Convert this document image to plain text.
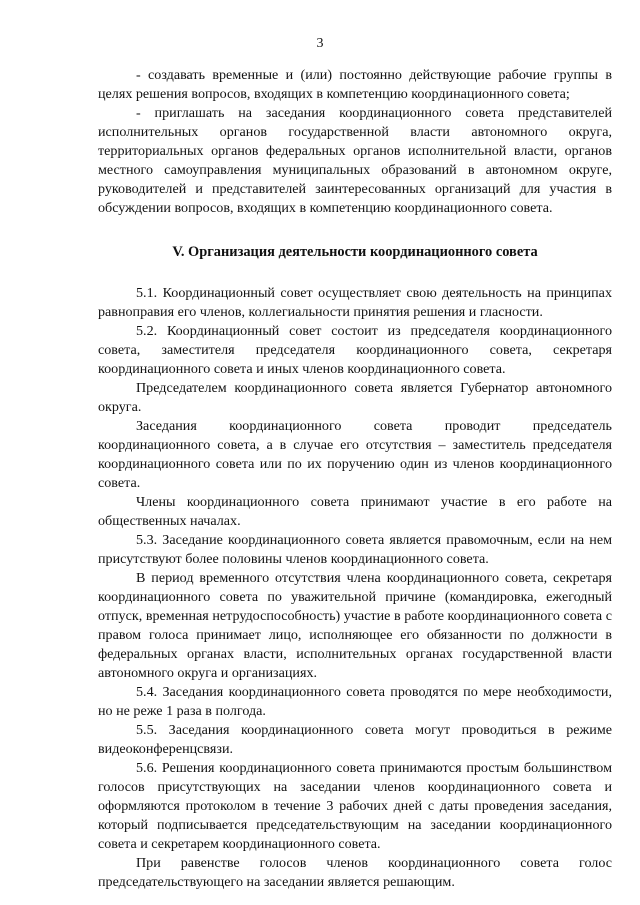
3

- создавать временные и (или) постоянно действующие рабочие группы в целях решения вопросов, входящих в компетенцию координационного совета;

- приглашать на заседания координационного совета представителей исполнительных органов государственной власти автономного округа, территориальных органов федеральных органов исполнительной власти, органов местного самоуправления муниципальных образований в автономном округе, руководителей и представителей заинтересованных организаций для участия в обсуждении вопросов, входящих в компетенцию координационного совета.

V. Организация деятельности координационного совета

5.1. Координационный совет осуществляет свою деятельность на принципах равноправия его членов, коллегиальности принятия решения и гласности.

5.2. Координационный совет состоит из председателя координационного совета, заместителя председателя координационного совета, секретаря координационного совета и иных членов координационного совета.

Председателем координационного совета является Губернатор автономного округа.

Заседания координационного совета проводит председатель координационного совета, а в случае его отсутствия – заместитель председателя координационного совета или по их поручению один из членов координационного совета.

Члены координационного совета принимают участие в его работе на общественных началах.

5.3. Заседание координационного совета является правомочным, если на нем присутствуют более половины членов координационного совета.

В период временного отсутствия члена координационного совета, секретаря координационного совета по уважительной причине (командировка, ежегодный отпуск, временная нетрудоспособность) участие в работе координационного совета с правом голоса принимает лицо, исполняющее его обязанности по должности в федеральных органах власти, исполнительных органах государственной власти автономного округа и организациях.

5.4. Заседания координационного совета проводятся по мере необходимости, но не реже 1 раза в полгода.

5.5. Заседания координационного совета могут проводиться в режиме видеоконференцсвязи.

5.6. Решения координационного совета принимаются простым большинством голосов присутствующих на заседании членов координационного совета и оформляются протоколом в течение 3 рабочих дней с даты проведения заседания, который подписывается председательствующим на заседании координационного совета и секретарем координационного совета.

При равенстве голосов членов координационного совета голос председательствующего на заседании является решающим.
